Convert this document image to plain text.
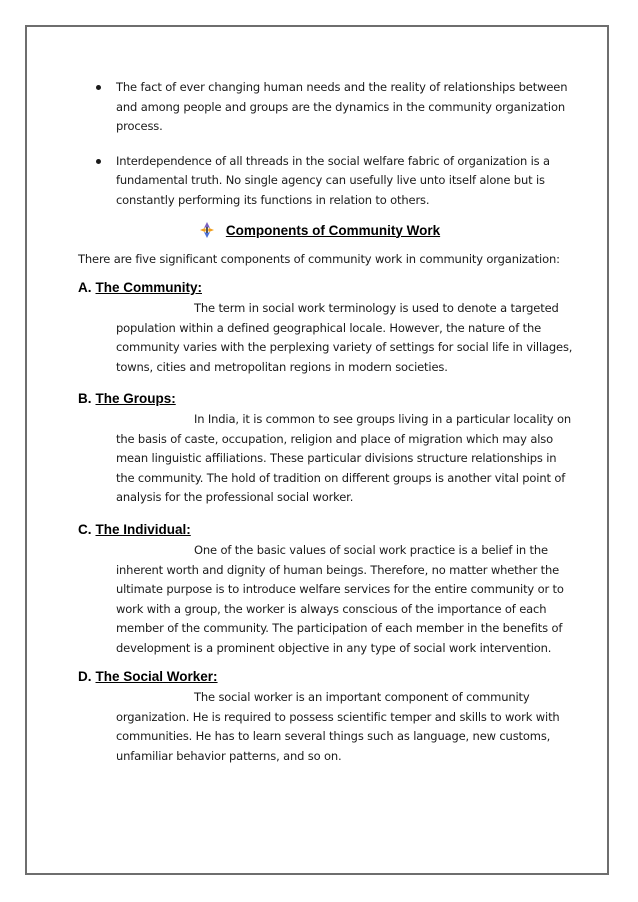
The fact of ever changing human needs and the reality of relationships between and among people and groups are the dynamics in the community organization process.
Interdependence of all threads in the social welfare fabric of organization is a fundamental truth. No single agency can usefully live unto itself alone but is constantly performing its functions in relation to others.
Components of Community Work
There are five significant components of community work in community organization:
A. The Community:
The term in social work terminology is used to denote a targeted population within a defined geographical locale. However, the nature of the community varies with the perplexing variety of settings for social life in villages, towns, cities and metropolitan regions in modern societies.
B. The Groups:
In India, it is common to see groups living in a particular locality on the basis of caste, occupation, religion and place of migration which may also mean linguistic affiliations. These particular divisions structure relationships in the community. The hold of tradition on different groups is another vital point of analysis for the professional social worker.
C. The Individual:
One of the basic values of social work practice is a belief in the inherent worth and dignity of human beings. Therefore, no matter whether the ultimate purpose is to introduce welfare services for the entire community or to work with a group, the worker is always conscious of the importance of each member of the community. The participation of each member in the benefits of development is a prominent objective in any type of social work intervention.
D. The Social Worker:
The social worker is an important component of community organization. He is required to possess scientific temper and skills to work with communities. He has to learn several things such as language, new customs, unfamiliar behavior patterns, and so on.
